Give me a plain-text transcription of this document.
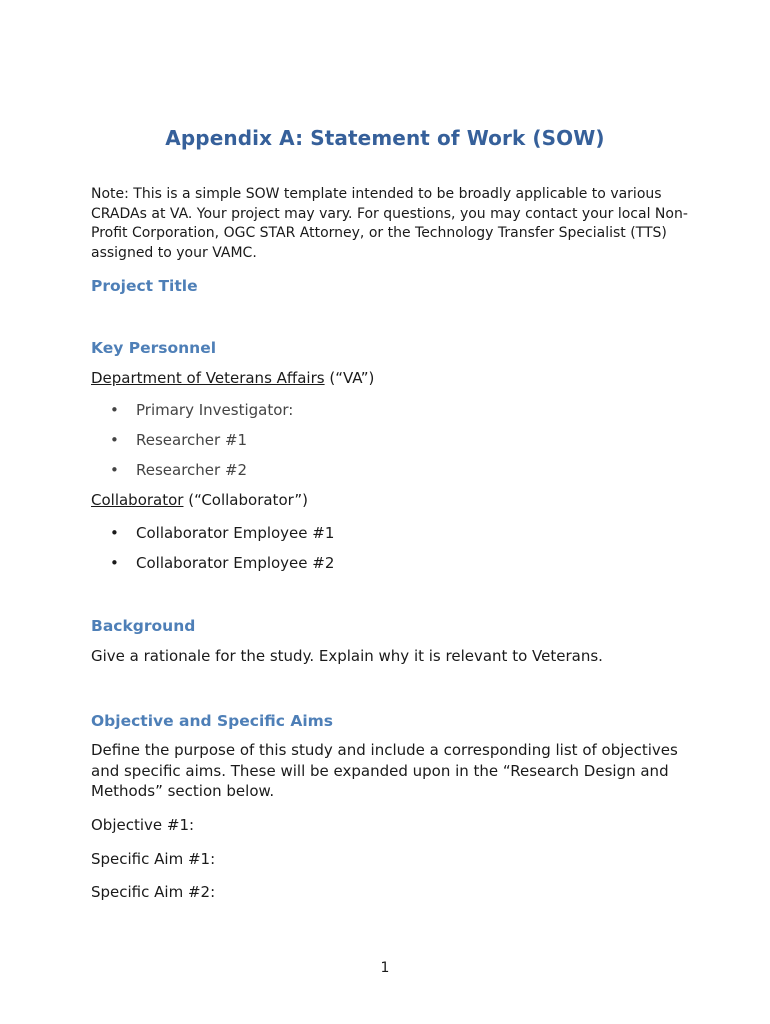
Appendix A: Statement of Work (SOW)
Note: This is a simple SOW template intended to be broadly applicable to various CRADAs at VA. Your project may vary. For questions, you may contact your local Non-Profit Corporation, OGC STAR Attorney, or the Technology Transfer Specialist (TTS) assigned to your VAMC.
Project Title
Key Personnel
Department of Veterans Affairs (“VA”)
• Primary Investigator:
• Researcher #1
• Researcher #2
Collaborator (“Collaborator”)
• Collaborator Employee #1
• Collaborator Employee #2
Background
Give a rationale for the study. Explain why it is relevant to Veterans.
Objective and Specific Aims
Define the purpose of this study and include a corresponding list of objectives and specific aims. These will be expanded upon in the “Research Design and Methods” section below.
Objective #1:
Specific Aim #1:
Specific Aim #2:
1
